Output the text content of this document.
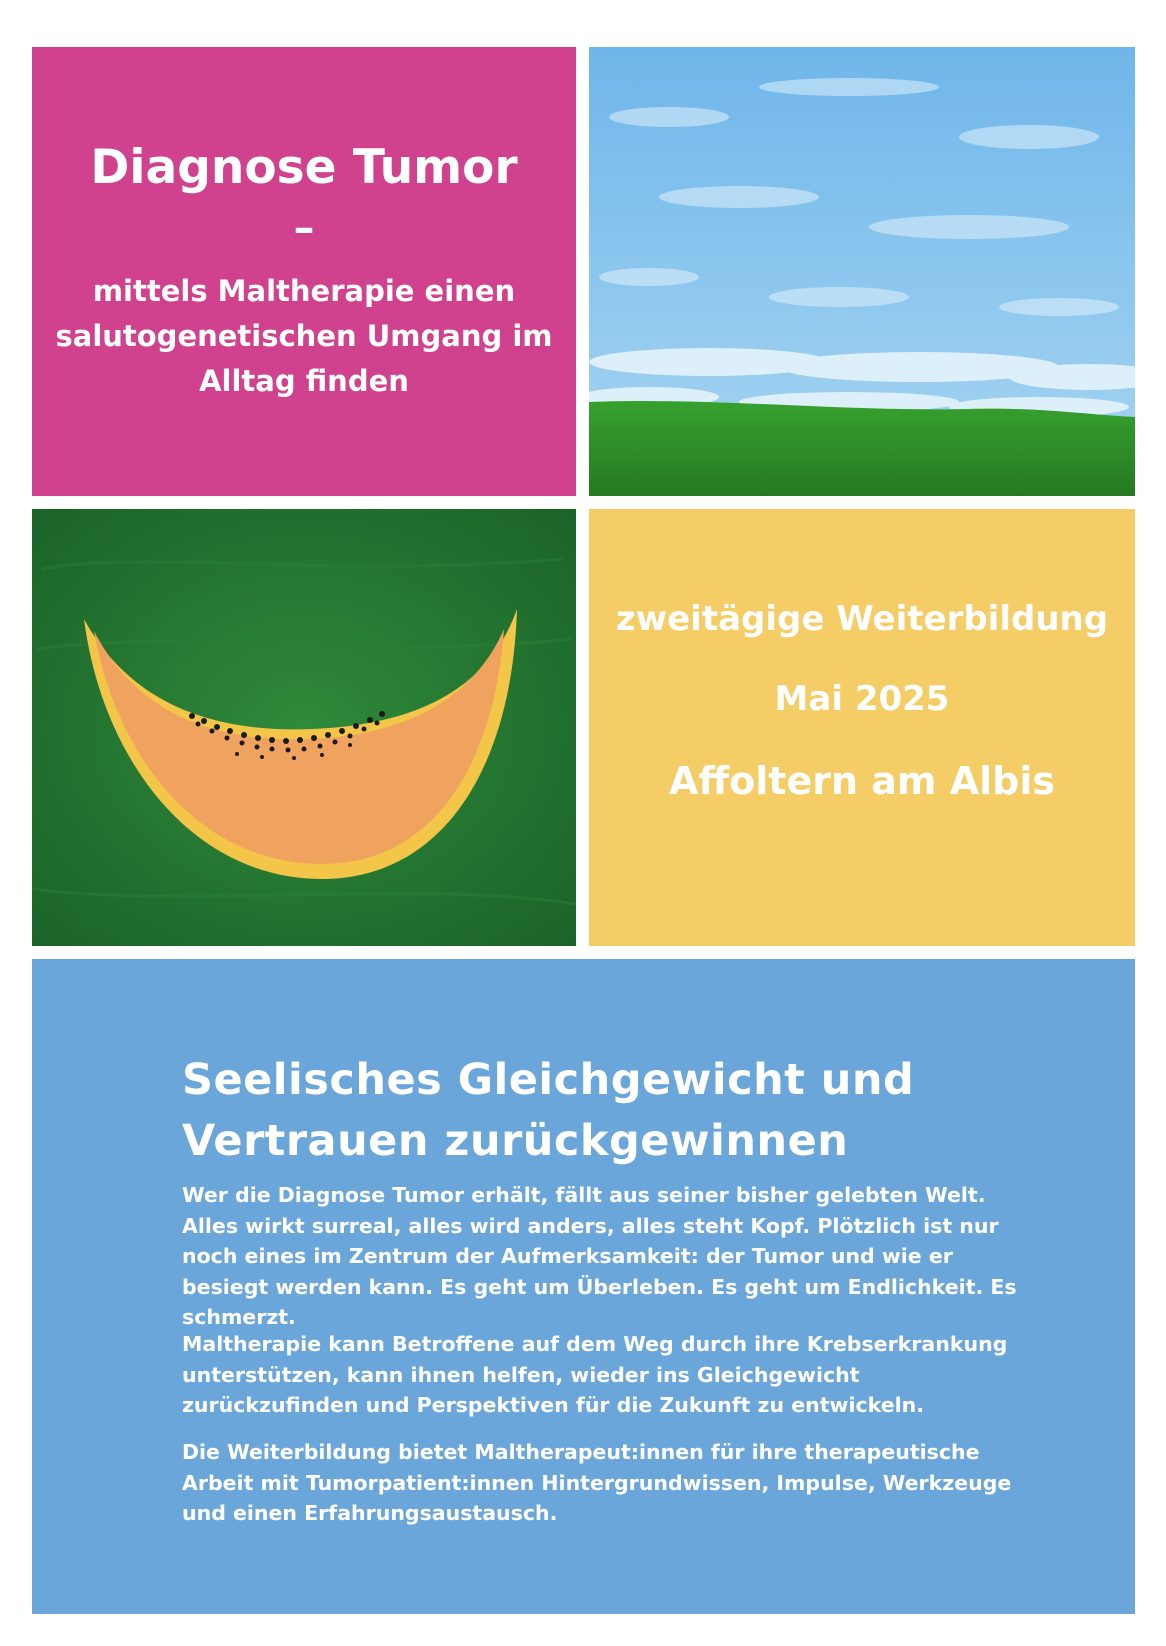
Diagnose Tumor
–
mittels Maltherapie einen
salutogenetischen Umgang im
Alltag finden
zweitägige Weiterbildung
Mai 2025
Affoltern am Albis
Seelisches Gleichgewicht und
Vertrauen zurückgewinnen

Wer die Diagnose Tumor erhält, fällt aus seiner bisher gelebten Welt. Alles wirkt surreal, alles wird anders, alles steht Kopf. Plötzlich ist nur noch eines im Zentrum der Aufmerksamkeit: der Tumor und wie er besiegt werden kann. Es geht um Überleben. Es geht um Endlichkeit. Es schmerzt.

Maltherapie kann Betroffene auf dem Weg durch ihre Krebserkrankung unterstützen, kann ihnen helfen, wieder ins Gleichgewicht zurückzufinden und Perspektiven für die Zukunft zu entwickeln.

Die Weiterbildung bietet Maltherapeut:innen für ihre therapeutische Arbeit mit Tumorpatient:innen Hintergrundwissen, Impulse, Werkzeuge und einen Erfahrungsaustausch.
